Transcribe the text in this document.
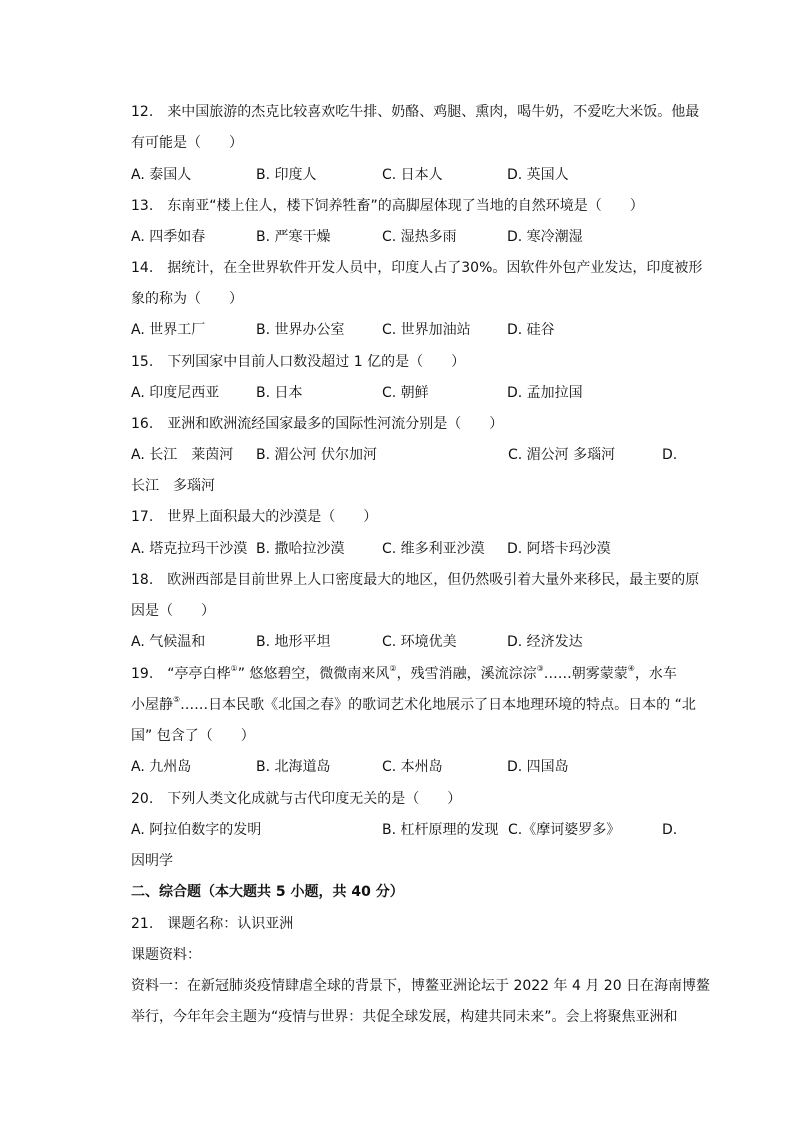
12.　来中国旅游的杰克比较喜欢吃牛排、奶酪、鸡腿、熏肉，喝牛奶，不爱吃大米饭。他最
有可能是（　　）
A. 泰国人	B. 印度人	C. 日本人	D. 英国人
13.　东南亚“楼上住人，楼下饲养牲畜”的高脚屋体现了当地的自然环境是（　　）
A. 四季如春	B. 严寒干燥	C. 湿热多雨	D. 寒冷潮湿
14.　据统计，在全世界软件开发人员中，印度人占了30%。因软件外包产业发达，印度被形
象的称为（　　）
A. 世界工厂	B. 世界办公室	C. 世界加油站	D. 硅谷
15.　下列国家中目前人口数没超过 1 亿的是（　　）
A. 印度尼西亚	B. 日本	C. 朝鲜	D. 孟加拉国
16.　亚洲和欧洲流经国家最多的国际性河流分别是（　　）
A. 长江　莱茵河 B. 湄公河 伏尔加河	C. 湄公河 多瑙河	D.
长江　多瑙河
17.　世界上面积最大的沙漠是（　　）
A. 塔克拉玛干沙漠 B. 撒哈拉沙漠	C. 维多利亚沙漠 D. 阿塔卡玛沙漠
18.　欧洲西部是目前世界上人口密度最大的地区，但仍然吸引着大量外来移民，最主要的原
因是（　　）
A. 气候温和	B. 地形平坦	C. 环境优美	D. 经济发达
19.　“亭亭白桦①” 悠悠碧空，微微南来风②，残雪消融，溪流淙淙③……朝雾蒙蒙④，水车
小屋静⑤……日本民歌《北国之春》的歌词艺术化地展示了日本地理环境的特点。日本的 “北
国” 包含了（　　）
A. 九州岛	B. 北海道岛	C. 本州岛	D. 四国岛
20.　下列人类文化成就与古代印度无关的是（　　）
A. 阿拉伯数字的发明	B. 杠杆原理的发现 C.《摩诃婆罗多》	D.
因明学
二、综合题（本大题共 5 小题，共 40 分）
21.　课题名称：认识亚洲
课题资料：
资料一：在新冠肺炎疫情肆虐全球的背景下，博鳌亚洲论坛于 2022 年 4 月 20 日在海南博鳌
举行，今年年会主题为“疫情与世界：共促全球发展，构建共同未来”。会上将聚焦亚洲和
